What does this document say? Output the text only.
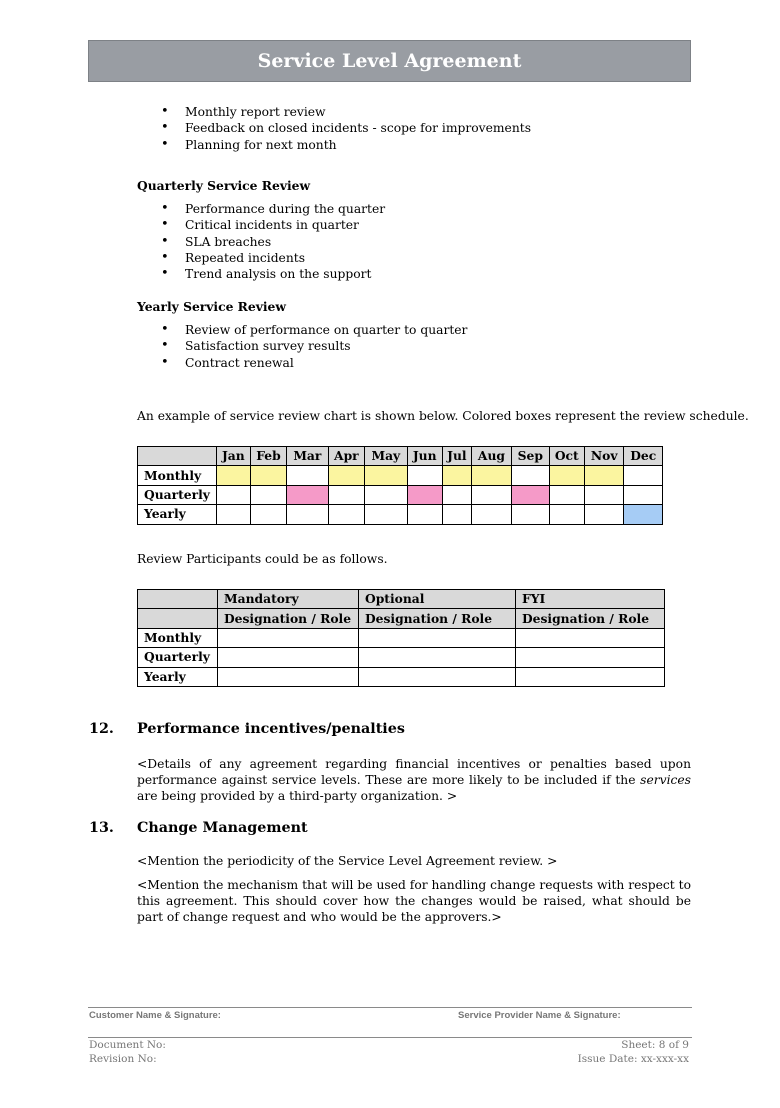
Service Level Agreement
• Monthly report review
• Feedback on closed incidents - scope for improvements
• Planning for next month
Quarterly Service Review
• Performance during the quarter
• Critical incidents in quarter
• SLA breaches
• Repeated incidents
• Trend analysis on the support
Yearly Service Review
• Review of performance on quarter to quarter
• Satisfaction survey results
• Contract renewal
An example of service review chart is shown below. Colored boxes represent the review schedule.
	Jan	Feb	Mar	Apr	May	Jun	Jul	Aug	Sep	Oct	Nov	Dec
Monthly												
Quarterly												
Yearly												
Review Participants could be as follows.
	Mandatory	Optional	FYI
	Designation / Role	Designation / Role	Designation / Role
Monthly			
Quarterly			
Yearly			
12. Performance incentives/penalties
<Details of any agreement regarding financial incentives or penalties based upon performance against service levels. These are more likely to be included if the services are being provided by a third-party organization. >
13. Change Management
<Mention the periodicity of the Service Level Agreement review. >
<Mention the mechanism that will be used for handling change requests with respect to this agreement. This should cover how the changes would be raised, what should be part of change request and who would be the approvers.>
Customer Name & Signature:	Service Provider Name & Signature:
Document No:
Revision No:
Sheet: 8 of 9
Issue Date: xx-xxx-xx
